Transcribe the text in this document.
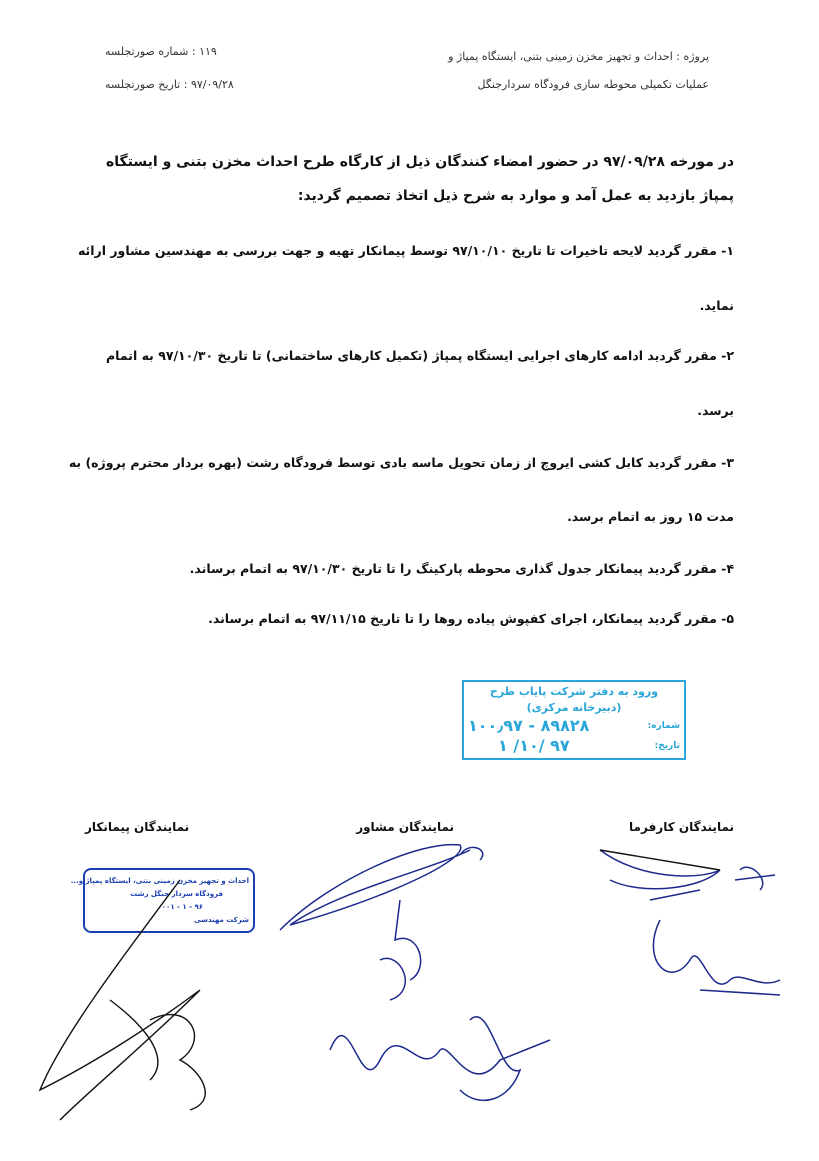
پروژه : احداث و تجهیز مخزن زمینی بتنی، ایستگاه پمپاژ و
عملیات تکمیلی محوطه سازی فرودگاه سردارجنگل
۱۱۹ : شماره صورتجلسه
۹۷/۰۹/۲۸ : تاریخ صورتجلسه
در مورخه ۹۷/۰۹/۲۸ در حضور امضاء کنندگان ذیل از کارگاه طرح احداث مخزن بتنی و ایستگاه
پمپاژ بازدید به عمل آمد و موارد به شرح ذیل اتخاذ تصمیم گردید:
۱- مقرر گردید لایحه تاخیرات تا تاریخ ۹۷/۱۰/۱۰ توسط پیمانکار تهیه و جهت بررسی به مهندسین مشاور ارائه
نماید.
۲- مقرر گردید ادامه کارهای اجرایی ایستگاه پمپاژ (تکمیل کارهای ساختمانی) تا تاریخ ۹۷/۱۰/۳۰ به اتمام
برسد.
۳- مقرر گردید کابل کشی ایروچ از زمان تحویل ماسه بادی توسط فرودگاه رشت (بهره بردار محترم پروژه) به
مدت ۱۵ روز به اتمام برسد.
۴- مقرر گردید پیمانکار جدول گذاری محوطه پارکینگ را تا تاریخ ۹۷/۱۰/۳۰ به اتمام برساند.
۵- مقرر گردید پیمانکار، اجرای کفپوش پیاده روها را تا تاریخ ۹۷/۱۱/۱۵ به اتمام برساند.
ورود به دفتر شرکت پایاب طرح
(دبیرخانه مرکزی)
شماره:
۱۰۰٫۹۷ - ۸۹۸۲۸
تاریخ:
۹۷ /۱۰/ ۱
نمایندگان کارفرما
نمایندگان مشاور
نمایندگان پیمانکار
احداث و تجهیز مخزن زمینی بتنی، ایستگاه پمپاژ و...
فرودگاه سردار جنگل رشت
۹۶ - ۱ - ۰۰۱
شرکت مهندسی
